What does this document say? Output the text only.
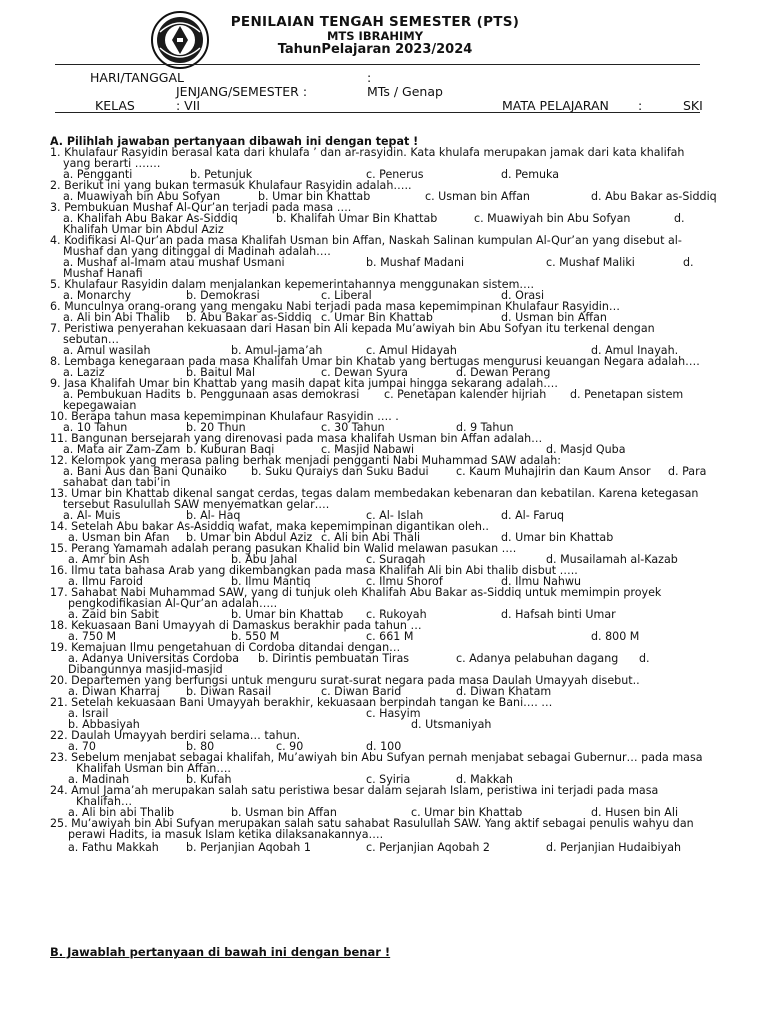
PENILAIAN TENGAH SEMESTER (PTS)
MTS IBRAHIMY
TahunPelajaran 2023/2024
HARI/TANGGAL	:
JENJANG/SEMESTER :	MTs / Genap
KELAS	: VII	MATA PELAJARAN :	SKI

A. Pilihlah jawaban pertanyaan dibawah ini dengan tepat !

1. Khulafaur Rasyidin berasal kata dari khulafa ’ dan ar-rasyidin. Kata khulafa merupakan jamak dari kata khalifah

yang berarti …….

a. Pengganti	b. Petunjuk	c. Penerus	d. Pemuka

2. Berikut ini yang bukan termasuk Khulafaur Rasyidin adalah…..

a. Muawiyah bin Abu Sofyan	b. Umar bin Khattab	c. Usman bin Affan	d. Abu Bakar as-Siddiq

3. Pembukuan Mushaf Al-Qur’an terjadi pada masa ….

a. Khalifah Abu Bakar As-Siddiq	b. Khalifah Umar Bin Khattab	c. Muawiyah bin Abu Sofyan	d.

Khalifah Umar bin Abdul Aziz

4. Kodifikasi Al-Qur’an pada masa Khalifah Usman bin Affan, Naskah Salinan kumpulan Al-Qur’an yang disebut al-

Mushaf dan yang ditinggal di Madinah adalah….

a. Mushaf al-Imam atau mushaf Usmani	b. Mushaf Madani	c. Mushaf Maliki	d.

Mushaf Hanafi

5. Khulafaur Rasyidin dalam menjalankan kepemerintahannya menggunakan sistem….

a. Monarchy	b. Demokrasi	c. Liberal	d. Orasi

6. Munculnya orang-orang yang mengaku Nabi terjadi pada masa kepemimpinan Khulafaur Rasyidin…

a. Ali bin Abi Thalib b. Abu Bakar as-Siddiq c. Umar Bin Khattab	d. Usman bin Affan

7. Peristiwa penyerahan kekuasaan dari Hasan bin Ali kepada Mu’awiyah bin Abu Sofyan itu terkenal dengan

sebutan…

a. Amul wasilah	b. Amul-jama’ah	c. Amul Hidayah	d. Amul Inayah.

8. Lembaga kenegaraan pada masa Khalifah Umar bin Khatab yang bertugas mengurusi keuangan Negara adalah….

a. Laziz	b. Baitul Mal	c. Dewan Syura	d. Dewan Perang

9. Jasa Khalifah Umar bin Khattab yang masih dapat kita jumpai hingga sekarang adalah….

a. Pembukuan Hadits b. Penggunaan asas demokrasi c. Penetapan kalender hijriah d. Penetapan sistem

kepegawaian

10. Berapa tahun masa kepemimpinan Khulafaur Rasyidin …. .

a. 10 Tahun	b. 20 Thun	c. 30 Tahun	d. 9 Tahun

11. Bangunan bersejarah yang direnovasi pada masa khalifah Usman bin Affan adalah…

a. Mata air Zam-Zam b. Kuburan Baqi	c. Masjid Nabawi	d. Masjd Quba

12. Kelompok yang merasa paling berhak menjadi pengganti Nabi Muhammad SAW adalah:

a. Bani Aus dan Bani Qunaiko b. Suku Quraiys dan Suku Badui c. Kaum Muhajirin dan Kaum Ansor d. Para

sahabat dan tabi’in

13. Umar bin Khattab dikenal sangat cerdas, tegas dalam membedakan kebenaran dan kebatilan. Karena ketegasan

tersebut Rasulullah SAW menyematkan gelar….

a. Al- Muis	b. Al- Haq	c. Al- Islah	d. Al- Faruq

14. Setelah Abu bakar As-Asiddiq wafat, maka kepemimpinan digantikan oleh..

a. Usman bin Afan b. Umar bin Abdul Aziz c. Ali bin Abi Thali	d. Umar bin Khattab

15. Perang Yamamah adalah perang pasukan Khalid bin Walid melawan pasukan ….

a. Amr bin Ash	b. Abu Jahal	c. Suraqah	d. Musailamah al-Kazab

16. Ilmu tata bahasa Arab yang dikembangkan pada masa Khalifah Ali bin Abi thalib disbut …..

a. Ilmu Faroid	b. Ilmu Mantiq	c. Ilmu Shorof	d. Ilmu Nahwu

17. Sahabat Nabi Muhammad SAW, yang di tunjuk oleh Khalifah Abu Bakar as-Siddiq untuk memimpin proyek

pengkodifikasian Al-Qur’an adalah…..

a. Zaid bin Sabit	b. Umar bin Khattab c. Rukoyah	d. Hafsah binti Umar

18. Kekuasaan Bani Umayyah di Damaskus berakhir pada tahun …

a. 750 M	b. 550 M	c. 661 M	d. 800 M

19. Kemajuan Ilmu pengetahuan di Cordoba ditandai dengan…

a. Adanya Universitas Cordoba b. Dirintis pembuatan Tiras	c. Adanya pelabuhan dagang d.

Dibangunnya masjid-masjid

20. Departemen yang berfungsi untuk menguru surat-surat negara pada masa Daulah Umayyah disebut..

a. Diwan Kharraj b. Diwan Rasail	c. Diwan Barid	d. Diwan Khatam

21. Setelah kekuasaan Bani Umayyah berakhir, kekuasaan berpindah tangan ke Bani…. …

a. Israil	c. Hasyim

b. Abbasiyah	d. Utsmaniyah

22. Daulah Umayyah berdiri selama… tahun.

a. 70	b. 80	c. 90	d. 100

23. Sebelum menjabat sebagai khalifah, Mu’awiyah bin Abu Sufyan pernah menjabat sebagai Gubernur… pada masa

Khalifah Usman bin Affan….

a. Madinah	b. Kufah	c. Syiria	d. Makkah

24. Amul Jama’ah merupakan salah satu peristiwa besar dalam sejarah Islam, peristiwa ini terjadi pada masa

Khalifah…

a. Ali bin abi Thalib	b. Usman bin Affan	c. Umar bin Khattab	d. Husen bin Ali

25. Mu’awiyah bin Abi Sufyan merupakan salah satu sahabat Rasulullah SAW. Yang aktif sebagai penulis wahyu dan

perawi Hadits, ia masuk Islam ketika dilaksanakannya….

a. Fathu Makkah b. Perjanjian Aqobah 1	c. Perjanjian Aqobah 2	d. Perjanjian Hudaibiyah

B. Jawablah pertanyaan di bawah ini dengan benar !
